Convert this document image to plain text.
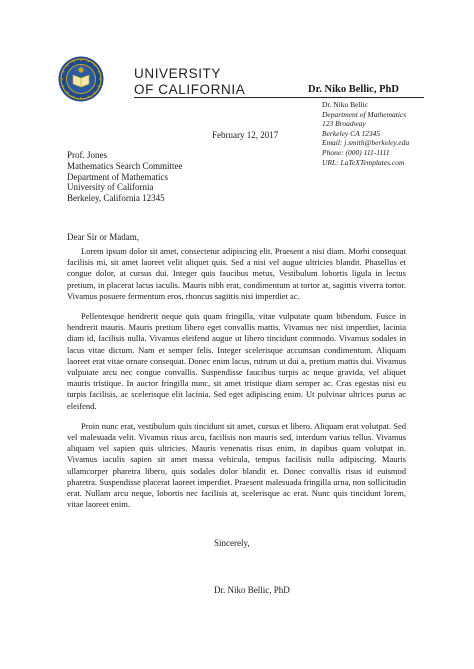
UNIVERSITY
OF CALIFORNIA	Dr. Niko Bellic, PhD
Dr. Niko Bellic
Department of Mathematics
123 Broadway
Berkeley CA 12345
Email: j.smith@berkeley.edu
Phone: (000) 111-1111
URL: LaTeXTemplates.com
February 12, 2017
Prof. Jones
Mathematics Search Committee
Department of Mathematics
University of California
Berkeley, California 12345
Dear Sir or Madam,

Lorem ipsum dolor sit amet, consectetur adipiscing elit. Praesent a nisi diam. Morbi consequat facilisis mi, sit amet laoreet velit aliquet quis. Sed a nisi vel augue ultricies blandit. Phasellus et congue dolor, at cursus dui. Integer quis faucibus metus, Vestibulum lobortis ligula in lectus pretium, in placerat lacus iaculis. Mauris nibh erat, condimentum at tortor at, sagittis viverra tortor. Vivamus posuere fermentum eros, rhoncus sagittis nisi imperdiet ac.

Pellentesque hendrerit neque quis quam fringilla, vitae vulputate quam bibendum. Fusce in hendrerit mauris. Mauris pretium libero eget convallis mattis. Vivamus nec nisi imperdiet, lacinia diam id, facilisis nulla. Vivamus eleifend augue ut libero tincidunt commodo. Vivamus sodales in lacus vitae dictum. Nam et semper felis. Integer scelerisque accumsan condimentum. Aliquam laoreet erat vitae ornare consequat. Donec enim lacus, rutrum ut dui a, pretium mattis dui. Vivamus vulputate arcu nec congue convallis. Suspendisse faucibus turpis ac neque gravida, vel aliquet mauris tristique. In auctor fringilla nunc, sit amet tristique diam semper ac. Cras egestas nisi eu turpis facilisis, ac scelerisque elit lacinia. Sed eget adipiscing enim. Ut pulvinar ultrices purus ac eleifend.

Proin nunc erat, vestibulum quis tincidunt sit amet, cursus et libero. Aliquam erat volutpat. Sed vel malesuada velit. Vivamus risus arcu, facilisis non mauris sed, interdum varius tellus. Vivamus aliquam vel sapien quis ultricies. Mauris venenatis risus enim, in dapibus quam volutpat in. Vivamus iaculis sapien sit amet massa vehicula, tempus facilisis nulla adipiscing. Mauris ullamcorper pharetra libero, quis sodales dolor blandit et. Donec convallis risus id euismod pharetra. Suspendisse placerat laoreet imperdiet. Praesent malesuada fringilla urna, non sollicitudin erat. Nullam arcu neque, lobortis nec facilisis at, scelerisque ac erat. Nunc quis tincidunt lorem, vitae laoreet enim.

Sincerely,
Dr. Niko Bellic, PhD
